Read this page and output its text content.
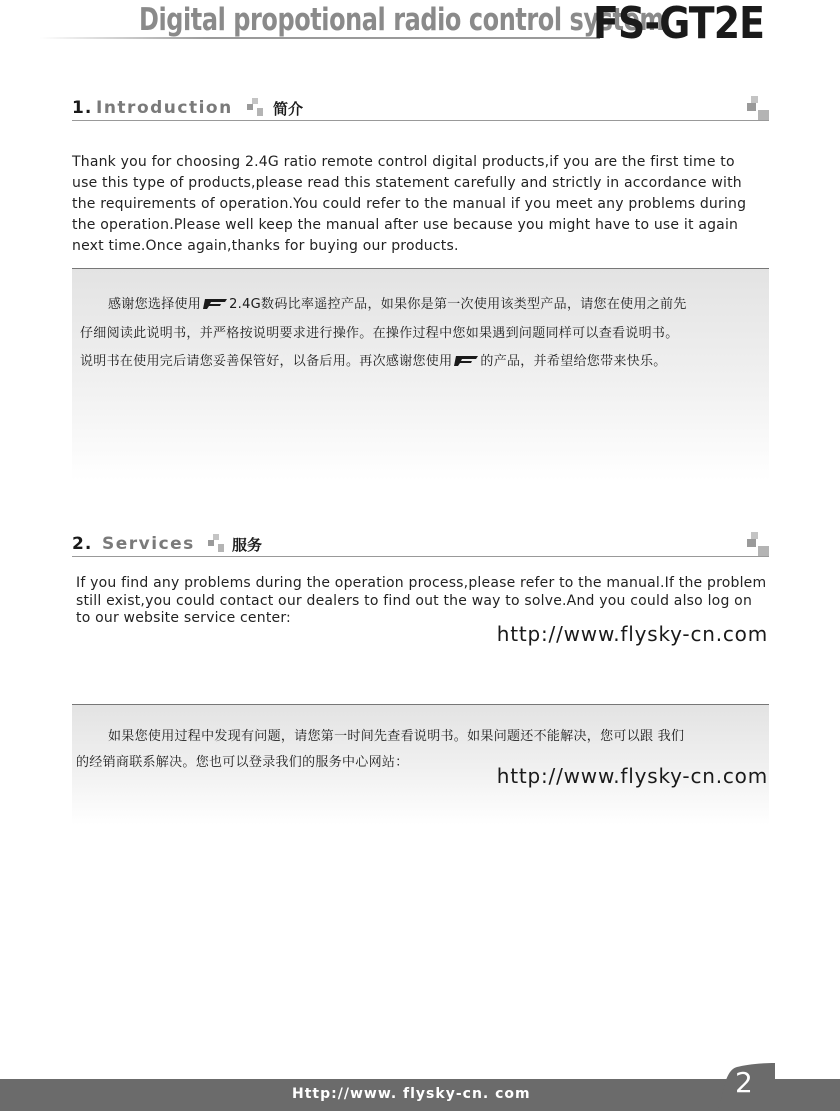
Digital propotional radio control system
FS-GT2E
1. Introduction	简介
Thank you for choosing 2.4G ratio remote control digital products,if you are the first time to
use this type of products,please read this statement carefully and strictly in accordance with
the requirements of operation.You could refer to the manual if you meet any problems during
the operation.Please well keep the manual after use because you might have to use it again
next time.Once again,thanks for buying our products.
感谢您选择使用 2.4G数码比率遥控产品，如果你是第一次使用该类型产品，请您在使用之前先
仔细阅读此说明书，并严格按说明要求进行操作。在操作过程中您如果遇到问题同样可以查看说明书。
说明书在使用完后请您妥善保管好，以备后用。再次感谢您使用 的产品，并希望给您带来快乐。
2. Services 服务
If you find any problems during the operation process,please refer to the manual.If the problem
still exist,you could contact our dealers to find out the way to solve.And you could also log on
to our website service center:
http://www.flysky-cn.com
如果您使用过程中发现有问题，请您第一时间先查看说明书。如果问题还不能解决，您可以跟 我们
的经销商联系解决。您也可以登录我们的服务中心网站：
http://www.flysky-cn.com
Http://www. flysky-cn. com	2
